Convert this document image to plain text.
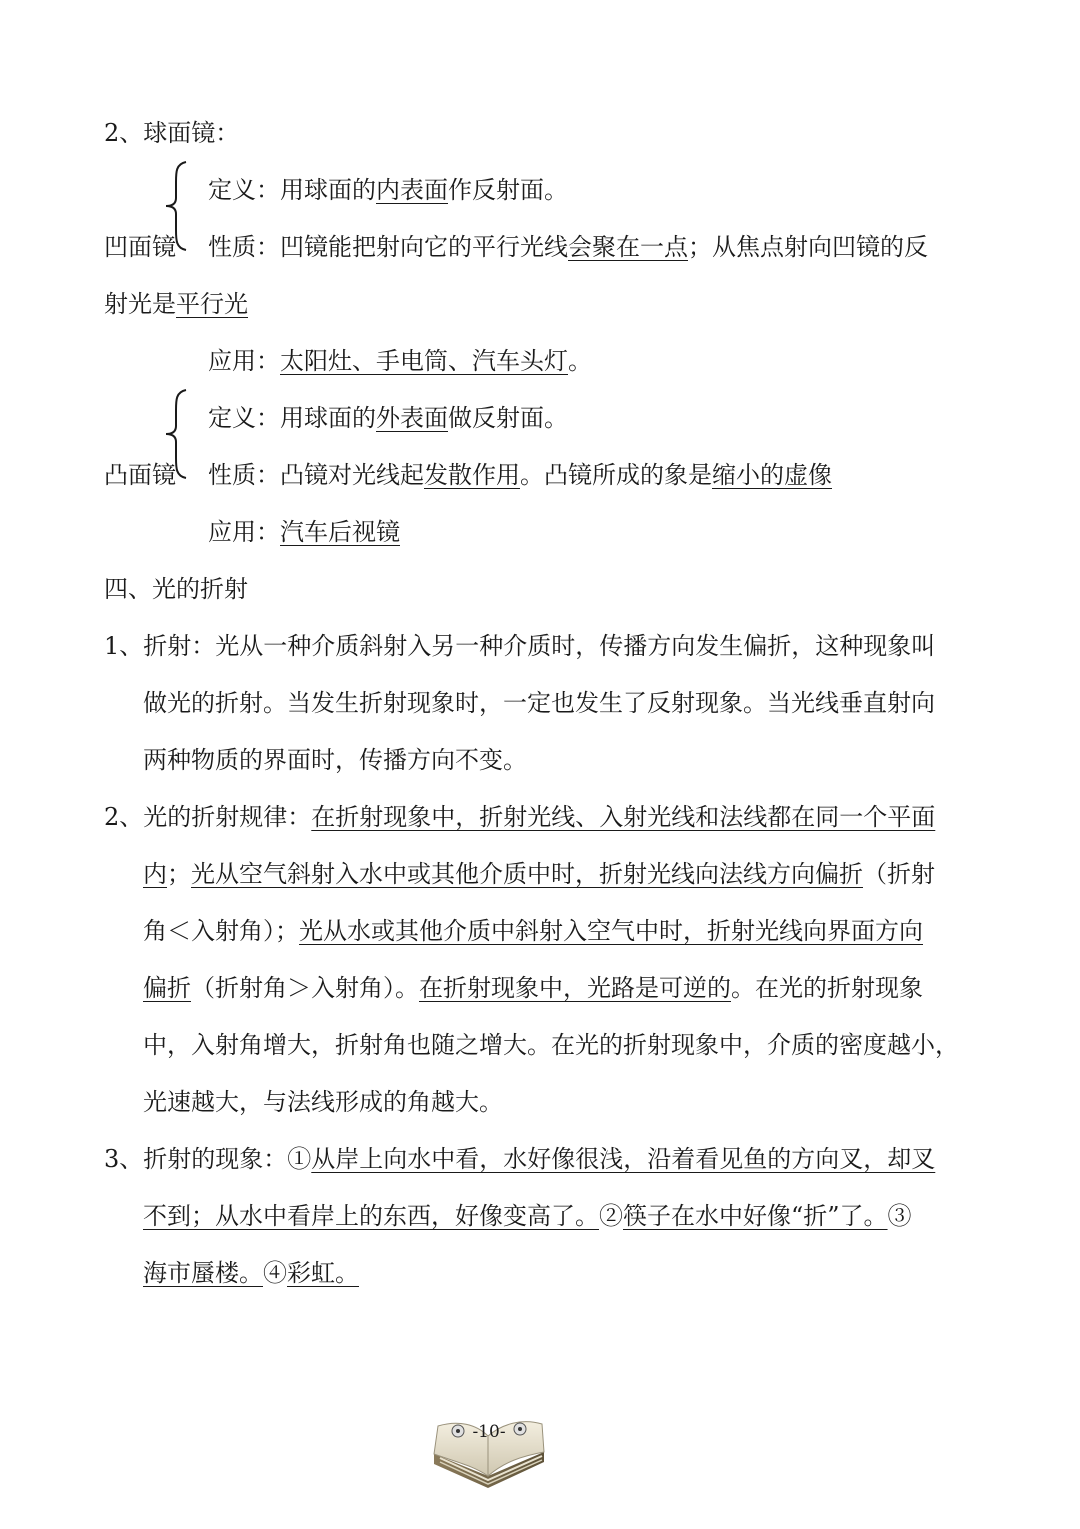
2、球面镜：
定义：用球面的内表面作反射面。
凹面镜 性质：凹镜能把射向它的平行光线会聚在一点；从焦点射向凹镜的反
射光是平行光
应用：太阳灶、手电筒、汽车头灯。
定义：用球面的外表面做反射面。
凸面镜 性质：凸镜对光线起发散作用。凸镜所成的象是缩小的虚像
应用：汽车后视镜
四、光的折射
1、折射：光从一种介质斜射入另一种介质时，传播方向发生偏折，这种现象叫
做光的折射。当发生折射现象时，一定也发生了反射现象。当光线垂直射向
两种物质的界面时，传播方向不变。
2、光的折射规律：在折射现象中，折射光线、入射光线和法线都在同一个平面
内；光从空气斜射入水中或其他介质中时，折射光线向法线方向偏折（折射
角＜入射角）；光从水或其他介质中斜射入空气中时，折射光线向界面方向
偏折（折射角＞入射角）。在折射现象中，光路是可逆的。在光的折射现象
中，入射角增大，折射角也随之增大。在光的折射现象中，介质的密度越小，
光速越大，与法线形成的角越大。
3、折射的现象：①从岸上向水中看，水好像很浅，沿着看见鱼的方向叉，却叉
不到；从水中看岸上的东西，好像变高了。②筷子在水中好像“折”了。③
海市蜃楼。④彩虹。
-10-
